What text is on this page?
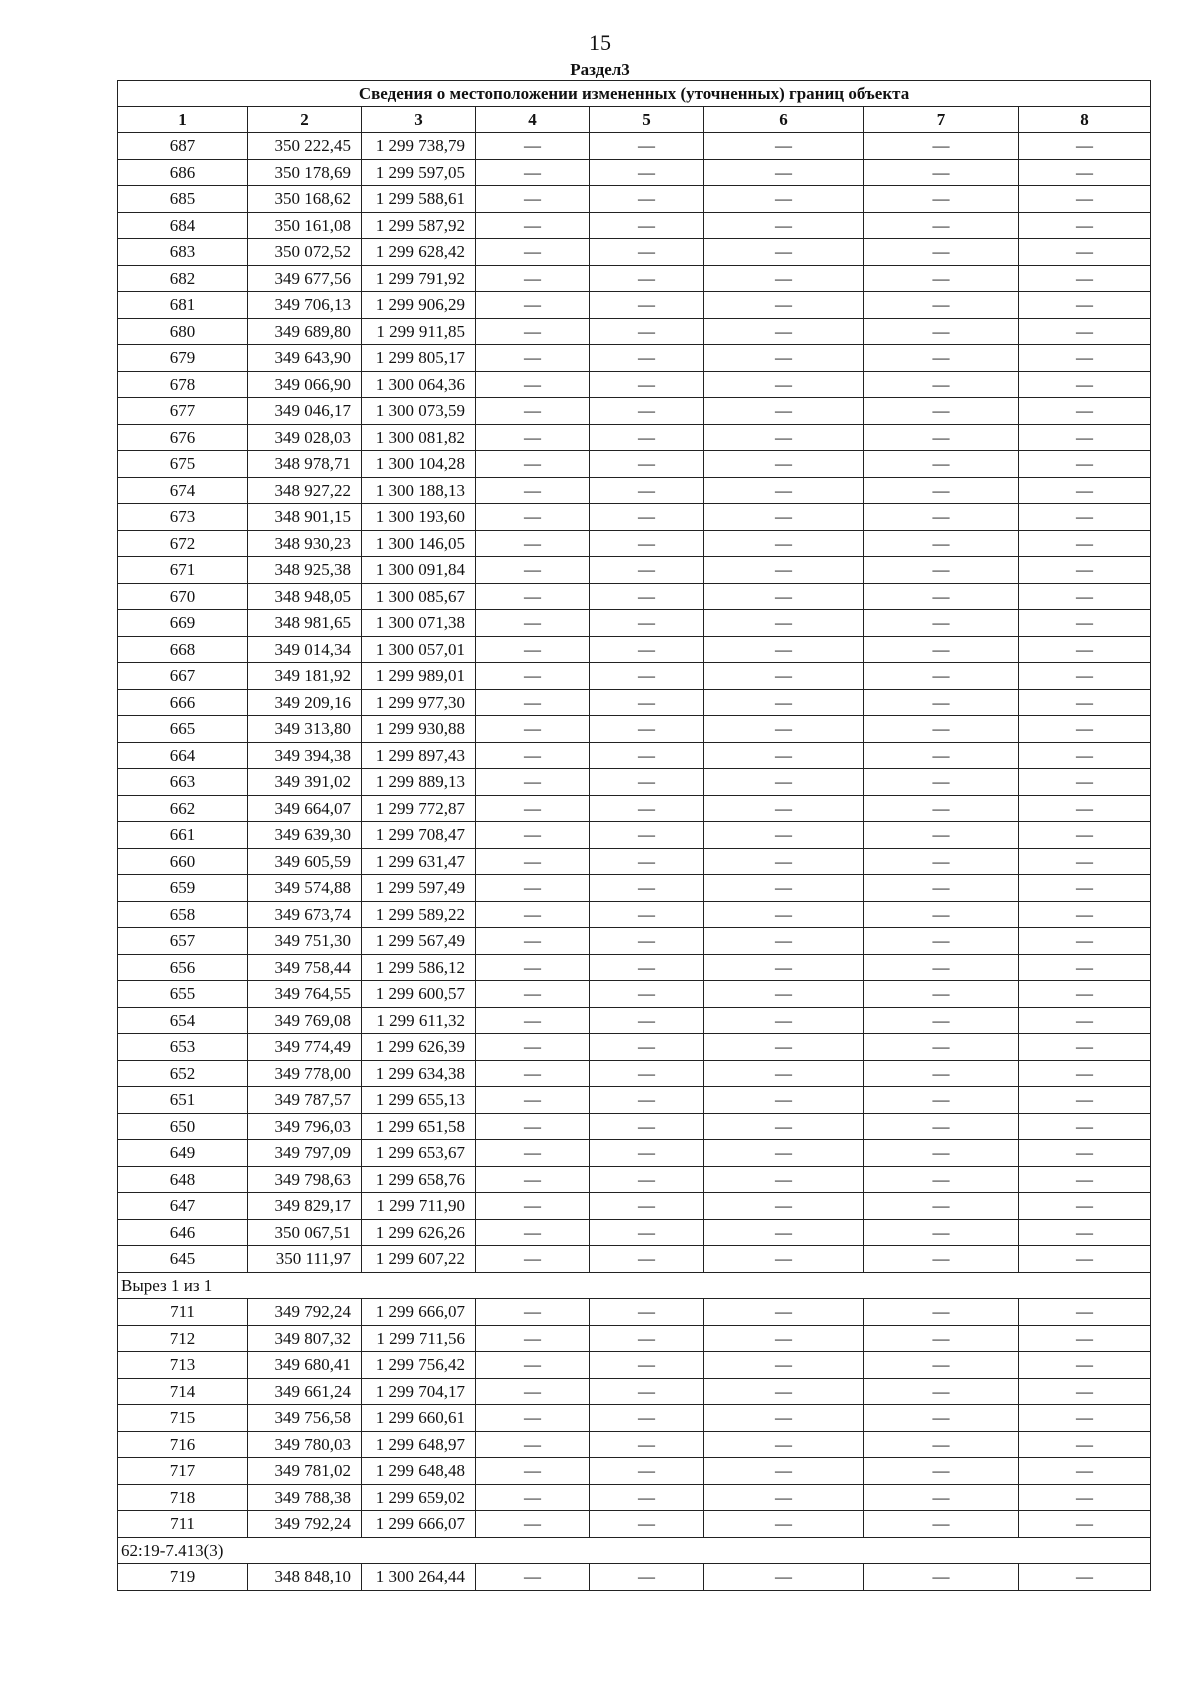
15
Раздел3
Сведения о местоположении измененных (уточненных) границ объекта							
1	2	3	4	5	6	7	8
687	350 222,45	1 299 738,79	—	—	—	—	—
686	350 178,69	1 299 597,05	—	—	—	—	—
685	350 168,62	1 299 588,61	—	—	—	—	—
684	350 161,08	1 299 587,92	—	—	—	—	—
683	350 072,52	1 299 628,42	—	—	—	—	—
682	349 677,56	1 299 791,92	—	—	—	—	—
681	349 706,13	1 299 906,29	—	—	—	—	—
680	349 689,80	1 299 911,85	—	—	—	—	—
679	349 643,90	1 299 805,17	—	—	—	—	—
678	349 066,90	1 300 064,36	—	—	—	—	—
677	349 046,17	1 300 073,59	—	—	—	—	—
676	349 028,03	1 300 081,82	—	—	—	—	—
675	348 978,71	1 300 104,28	—	—	—	—	—
674	348 927,22	1 300 188,13	—	—	—	—	—
673	348 901,15	1 300 193,60	—	—	—	—	—
672	348 930,23	1 300 146,05	—	—	—	—	—
671	348 925,38	1 300 091,84	—	—	—	—	—
670	348 948,05	1 300 085,67	—	—	—	—	—
669	348 981,65	1 300 071,38	—	—	—	—	—
668	349 014,34	1 300 057,01	—	—	—	—	—
667	349 181,92	1 299 989,01	—	—	—	—	—
666	349 209,16	1 299 977,30	—	—	—	—	—
665	349 313,80	1 299 930,88	—	—	—	—	—
664	349 394,38	1 299 897,43	—	—	—	—	—
663	349 391,02	1 299 889,13	—	—	—	—	—
662	349 664,07	1 299 772,87	—	—	—	—	—
661	349 639,30	1 299 708,47	—	—	—	—	—
660	349 605,59	1 299 631,47	—	—	—	—	—
659	349 574,88	1 299 597,49	—	—	—	—	—
658	349 673,74	1 299 589,22	—	—	—	—	—
657	349 751,30	1 299 567,49	—	—	—	—	—
656	349 758,44	1 299 586,12	—	—	—	—	—
655	349 764,55	1 299 600,57	—	—	—	—	—
654	349 769,08	1 299 611,32	—	—	—	—	—
653	349 774,49	1 299 626,39	—	—	—	—	—
652	349 778,00	1 299 634,38	—	—	—	—	—
651	349 787,57	1 299 655,13	—	—	—	—	—
650	349 796,03	1 299 651,58	—	—	—	—	—
649	349 797,09	1 299 653,67	—	—	—	—	—
648	349 798,63	1 299 658,76	—	—	—	—	—
647	349 829,17	1 299 711,90	—	—	—	—	—
646	350 067,51	1 299 626,26	—	—	—	—	—
645	350 111,97	1 299 607,22	—	—	—	—	—
Вырез 1 из 1							
711	349 792,24	1 299 666,07	—	—	—	—	—
712	349 807,32	1 299 711,56	—	—	—	—	—
713	349 680,41	1 299 756,42	—	—	—	—	—
714	349 661,24	1 299 704,17	—	—	—	—	—
715	349 756,58	1 299 660,61	—	—	—	—	—
716	349 780,03	1 299 648,97	—	—	—	—	—
717	349 781,02	1 299 648,48	—	—	—	—	—
718	349 788,38	1 299 659,02	—	—	—	—	—
711	349 792,24	1 299 666,07	—	—	—	—	—
62:19-7.413(3)							
719	348 848,10	1 300 264,44	—	—	—	—	—
